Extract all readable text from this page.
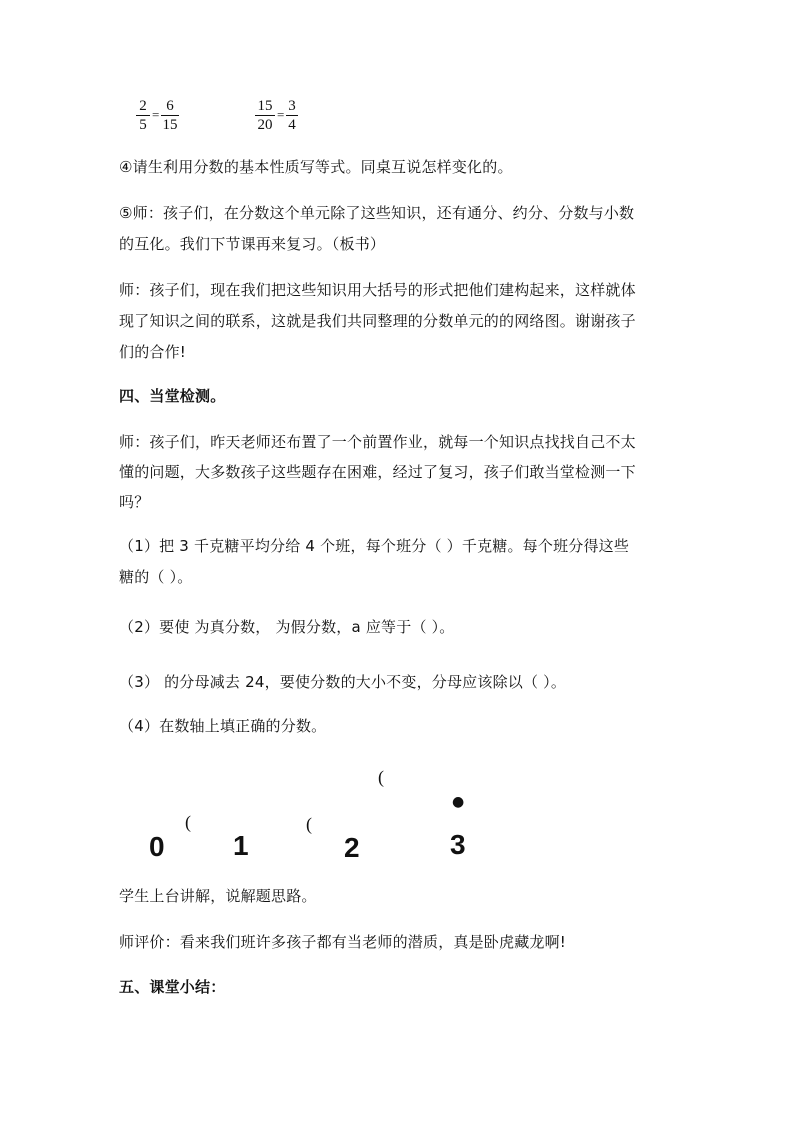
2
5
=
6
15
15
20
=
3
4
④请生利用分数的基本性质写等式。同桌互说怎样变化的。
⑤师：孩子们，在分数这个单元除了这些知识，还有通分、约分、分数与小数
的互化。我们下节课再来复习。（板书）
师：孩子们，现在我们把这些知识用大括号的形式把他们建构起来，这样就体
现了知识之间的联系，这就是我们共同整理的分数单元的的网络图。谢谢孩子
们的合作!
四、当堂检测。
师：孩子们，昨天老师还布置了一个前置作业，就每一个知识点找找自己不太
懂的问题，大多数孩子这些题存在困难，经过了复习，孩子们敢当堂检测一下
吗？
（1）把 3 千克糖平均分给 4 个班，每个班分（ ）千克糖。每个班分得这些
糖的（ ）。
（2）要使 为真分数， 为假分数，a 应等于（ ）。
（3） 的分母减去 24，要使分数的大小不变，分母应该除以（ ）。
（4）在数轴上填正确的分数。
(
●
(	(
0 1	2	3
学生上台讲解，说解题思路。
师评价：看来我们班许多孩子都有当老师的潜质，真是卧虎藏龙啊!
五、课堂小结：
